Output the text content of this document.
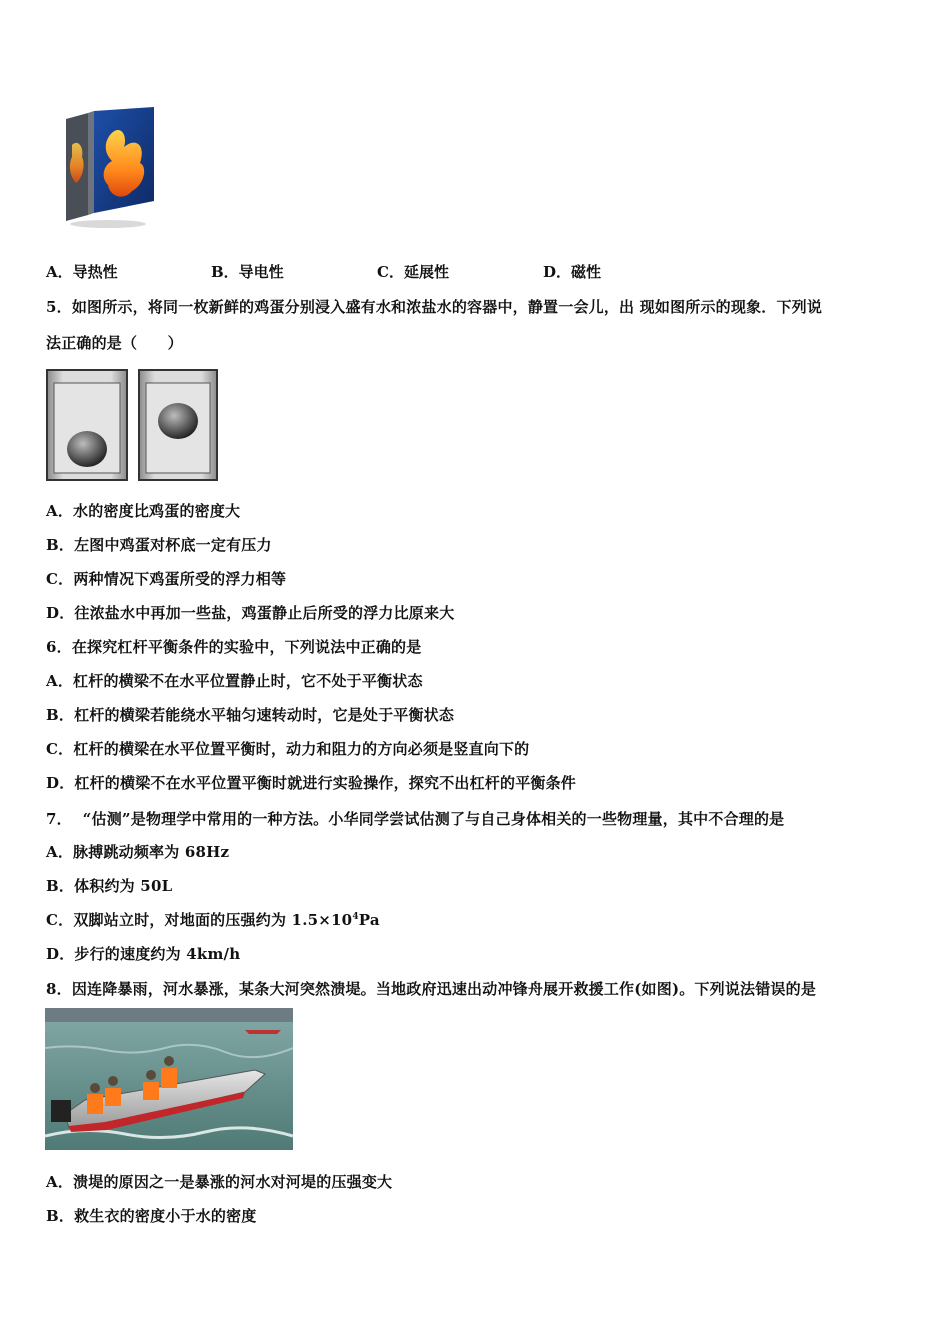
A．导热性	B．导电性	C．延展性	D．磁性
5．如图所示，将同一枚新鲜的鸡蛋分别浸入盛有水和浓盐水的容器中，静置一会儿，出 现如图所示的现象．下列说
法正确的是（　　）
A．水的密度比鸡蛋的密度大
B．左图中鸡蛋对杯底一定有压力
C．两种情况下鸡蛋所受的浮力相等
D．往浓盐水中再加一些盐，鸡蛋静止后所受的浮力比原来大
6．在探究杠杆平衡条件的实验中，下列说法中正确的是
A．杠杆的横梁不在水平位置静止时，它不处于平衡状态
B．杠杆的横梁若能绕水平轴匀速转动时，它是处于平衡状态
C．杠杆的横梁在水平位置平衡时，动力和阻力的方向必须是竖直向下的
D．杠杆的横梁不在水平位置平衡时就进行实验操作，探究不出杠杆的平衡条件
7．  “估测”是物理学中常用的一种方法。小华同学尝试估测了与自己身体相关的一些物理量，其中不合理的是
A．脉搏跳动频率为 68Hz
B．体积约为 50L
C．双脚站立时，对地面的压强约为 $1.5\times 10^4Pa$
D．步行的速度约为 4km/h
8．因连降暴雨，河水暴涨，某条大河突然溃堤。当地政府迅速出动冲锋舟展开救援工作(如图)。下列说法错误的是
A．溃堤的原因之一是暴涨的河水对河堤的压强变大
B．救生衣的密度小于水的密度
